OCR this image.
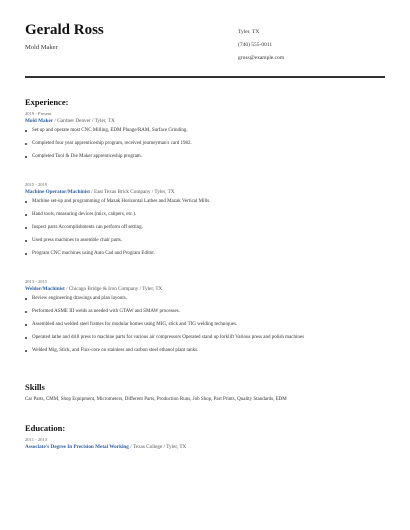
Gerald Ross
Mold Maker
Tyler, TX
(740) 555-0011
gross@example.com
Experience:
2019 - Present
Mold Maker / Gardner Denver / Tyler, TX
Set up and operate most CNC Milling, EDM Plunge/RAM, Surface Grinding.
Completed four year apprenticeship program, received journeyman's card 1982.
Completed Tool & Die Maker apprenticeship program.
2015 - 2019
Machine Operator/Machinist / East Texas Brick Company / Tyler, TX
Machine set-up and programming of Mazak Horizontal Lathes and Mazak Vertical Mills.
Hand tools, measuring devices (mics, calipers, etc.).
Inspect parts Accomplishments can perform off setting.
Used press machines to assemble chair parts.
Program CNC machines using Auto Cad and Program Editor.
2013 - 2015
Welder/Machinist / Chicago Bridge & Iron Company / Tyler, TX
Review engineering drawings and plan layouts.
Performed ASME III welds as needed with GTAW and SMAW processes.
Assembled and welded steel frames for modular homes using MIG, stick and TIG welding techniques.
Operated lathe and drill press to machine parts for various air compressors Operated stand up forklift Various press and polish machines
Welded Mig, Stick, and Flux-core on stainless and carbon steel ethanol plant tanks.
Skills
Car Parts, CMM, Shop Equipment, Micrometers, Different Parts, Production Runs, Job Shop, Part Prints, Quality Standards, EDM
Education:
2011 - 2013
Associate's Degree In Precision Metal Working / Texas College / Tyler, TX
